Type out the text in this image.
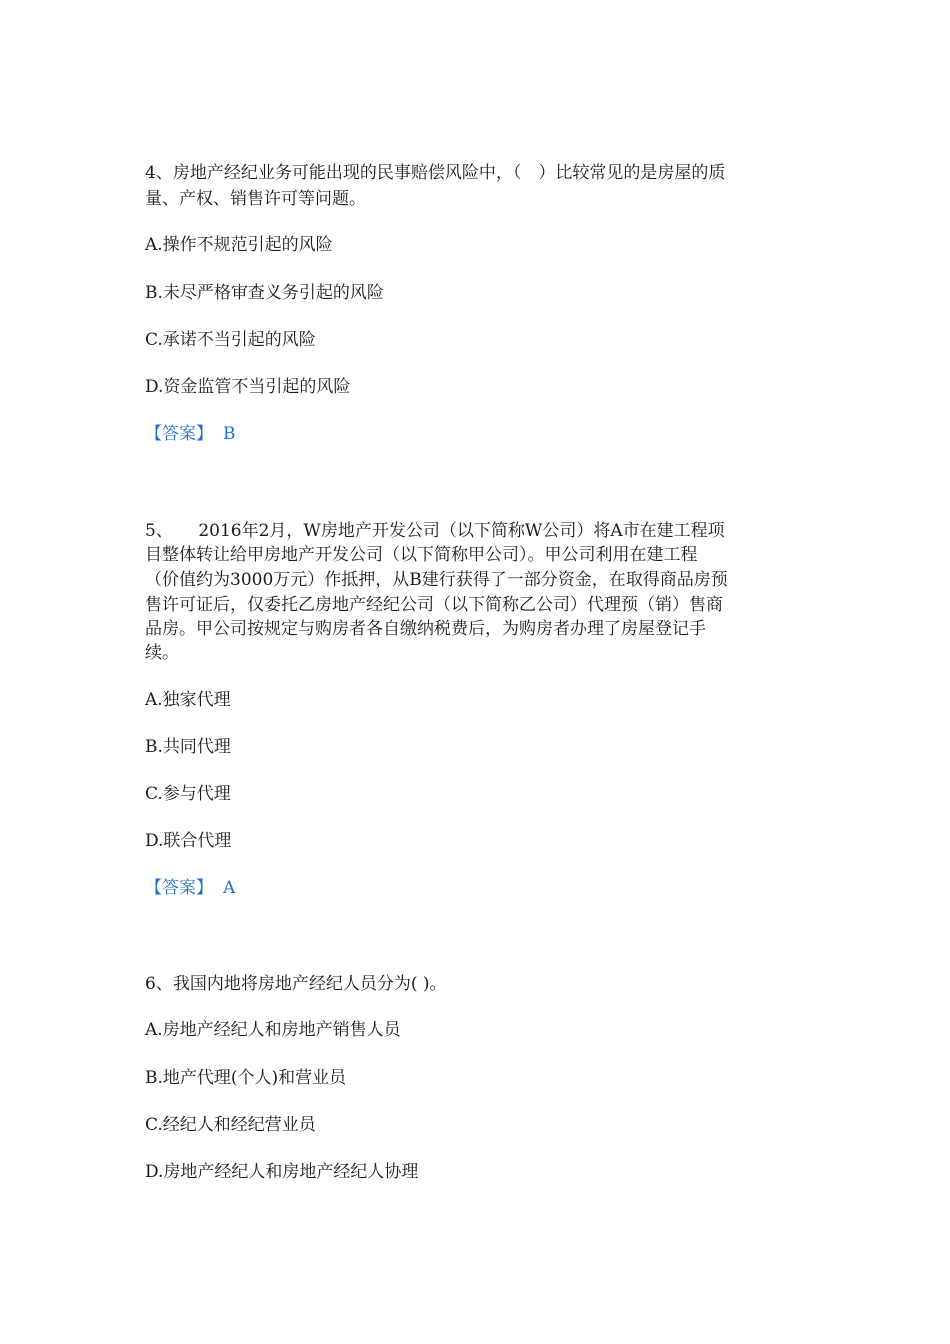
4、房地产经纪业务可能出现的民事赔偿风险中，（　）比较常见的是房屋的质
量、产权、销售许可等问题。
A.操作不规范引起的风险
B.未尽严格审查义务引起的风险
C.承诺不当引起的风险
D.资金监管不当引起的风险
【答案】 B
5、　　2016年2月，W房地产开发公司（以下简称W公司）将A市在建工程项
目整体转让给甲房地产开发公司（以下简称甲公司）。甲公司利用在建工程
（价值约为3000万元）作抵押，从B建行获得了一部分资金，在取得商品房预
售许可证后，仅委托乙房地产经纪公司（以下简称乙公司）代理预（销）售商
品房。甲公司按规定与购房者各自缴纳税费后，为购房者办理了房屋登记手
续。
A.独家代理
B.共同代理
C.参与代理
D.联合代理
【答案】 A
6、我国内地将房地产经纪人员分为( )。
A.房地产经纪人和房地产销售人员
B.地产代理(个人)和营业员
C.经纪人和经纪营业员
D.房地产经纪人和房地产经纪人协理
